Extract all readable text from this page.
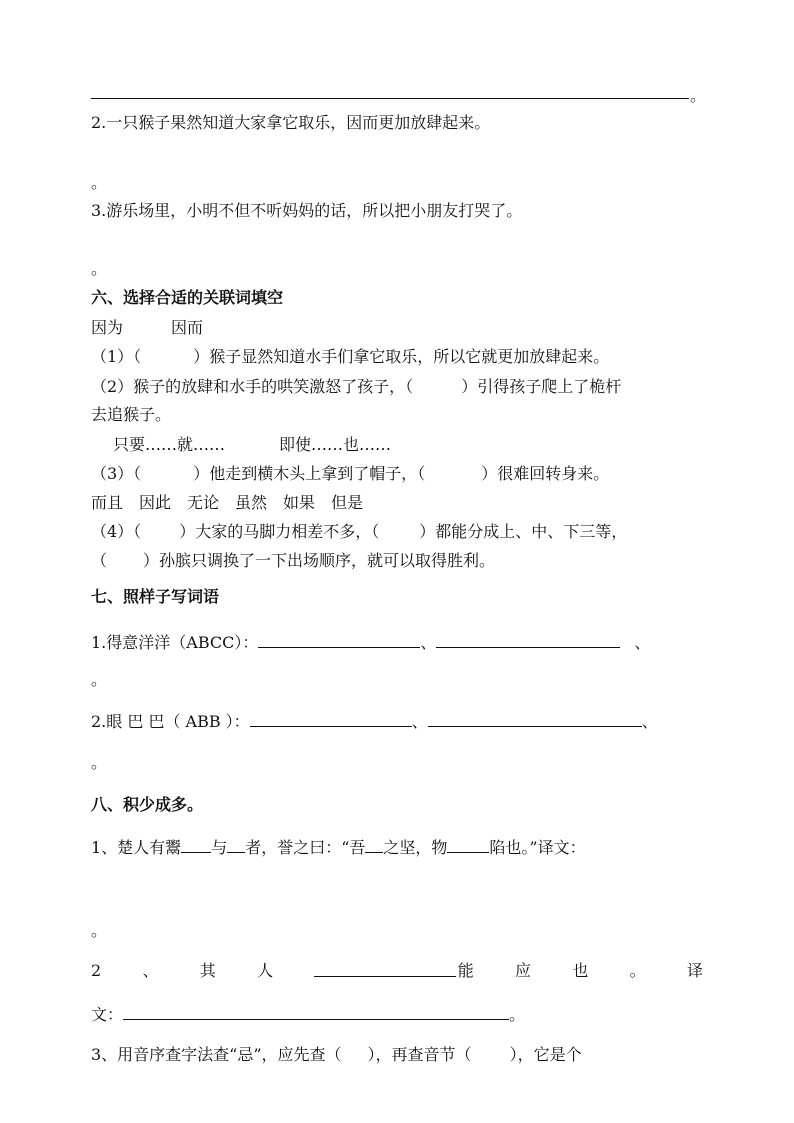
。
2.一只猴子果然知道大家拿它取乐，因而更加放肆起来。
。
3.游乐场里，小明不但不听妈妈的话，所以把小朋友打哭了。
。
六、选择合适的关联词填空
因为	因而
（1）（	）猴子显然知道水手们拿它取乐，所以它就更加放肆起来。
（2）猴子的放肆和水手的哄笑激怒了孩子，（	）引得孩子爬上了桅杆
去追猴子。
只要……就……	即使……也……
（3）（	）他走到横木头上拿到了帽子，（	）很难回转身来。
而且　因此　无论　虽然　如果　但是
（4）（ ）大家的马脚力相差不多，（	）都能分成上、中、下三等，
（ ）孙膑只调换了一下出场顺序，就可以取得胜利。
七、照样子写词语
1.得意洋洋（ABCC）：	、	、
。
2.眼 巴 巴（ ABB ）：	、	、
。
八、积少成多。
1、楚人有鬻 与 者，誉之曰：“吾 之坚，物	陷也。”译文：
。
2	、	其	人	能	应	也	。	译
文：	。
3、用音序查字法查“忌”，应先查（ ），再查音节（ ），它是个
